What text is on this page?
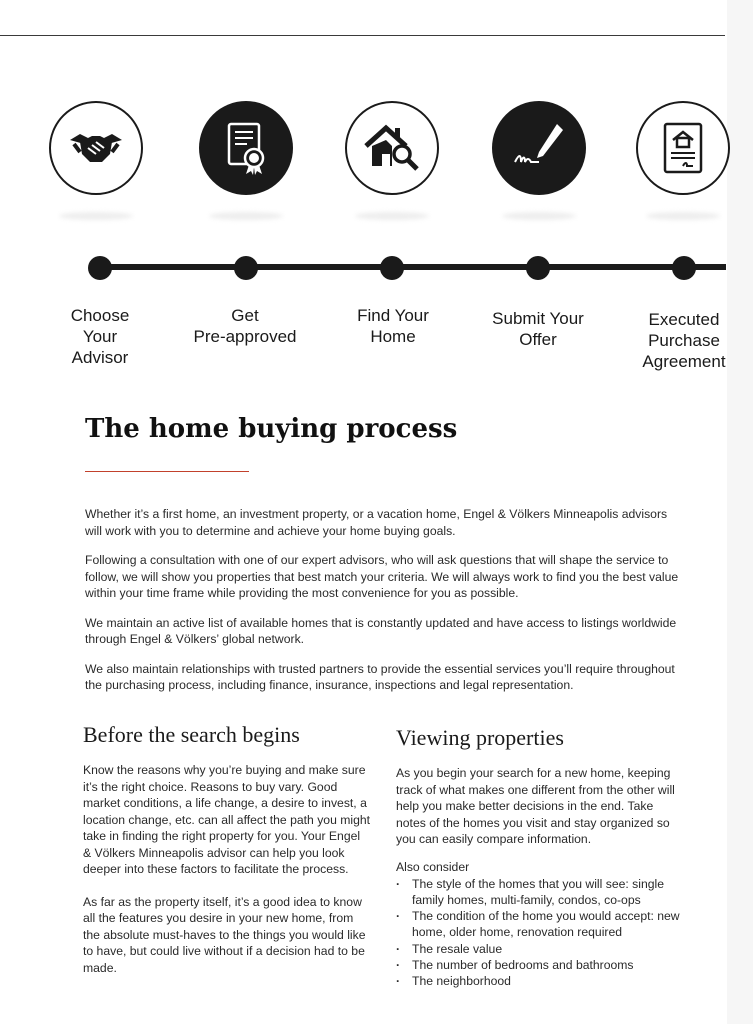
Choose
Your
Advisor
Get
Pre-approved
Find Your
Home
Submit Your
Offer
Executed
Purchase
Agreement
The home buying process

Whether it’s a first home, an investment property, or a vacation home, Engel & Völkers Minneapolis advisors will work with you to determine and achieve your home buying goals.

Following a consultation with one of our expert advisors, who will ask questions that will shape the service to follow, we will show you properties that best match your criteria. We will always work to find you the best value within your time frame while providing the most convenience for you as possible.

We maintain an active list of available homes that is constantly updated and have access to listings worldwide through Engel & Völkers’ global network.

We also maintain relationships with trusted partners to provide the essential services you’ll require throughout the purchasing process, including finance, insurance, inspections and legal representation.

Before the search begins

Know the reasons why you’re buying and make sure it’s the right choice. Reasons to buy vary. Good market conditions, a life change, a desire to invest, a location change, etc. can all affect the path you might take in finding the right property for you. Your Engel & Völkers Minneapolis advisor can help you look deeper into these factors to facilitate the process.

As far as the property itself, it’s a good idea to know all the features you desire in your new home, from the absolute must-haves to the things you would like to have, but could live without if a decision had to be made.

Viewing properties

As you begin your search for a new home, keeping track of what makes one different from the other will help you make better decisions in the end. Take notes of the homes you visit and stay organized so you can easily compare information.

Also consider
· The style of the homes that you will see: single family homes, multi-family, condos, co-ops
· The condition of the home you would accept: new home, older home, renovation required
· The resale value
· The number of bedrooms and bathrooms
· The neighborhood
